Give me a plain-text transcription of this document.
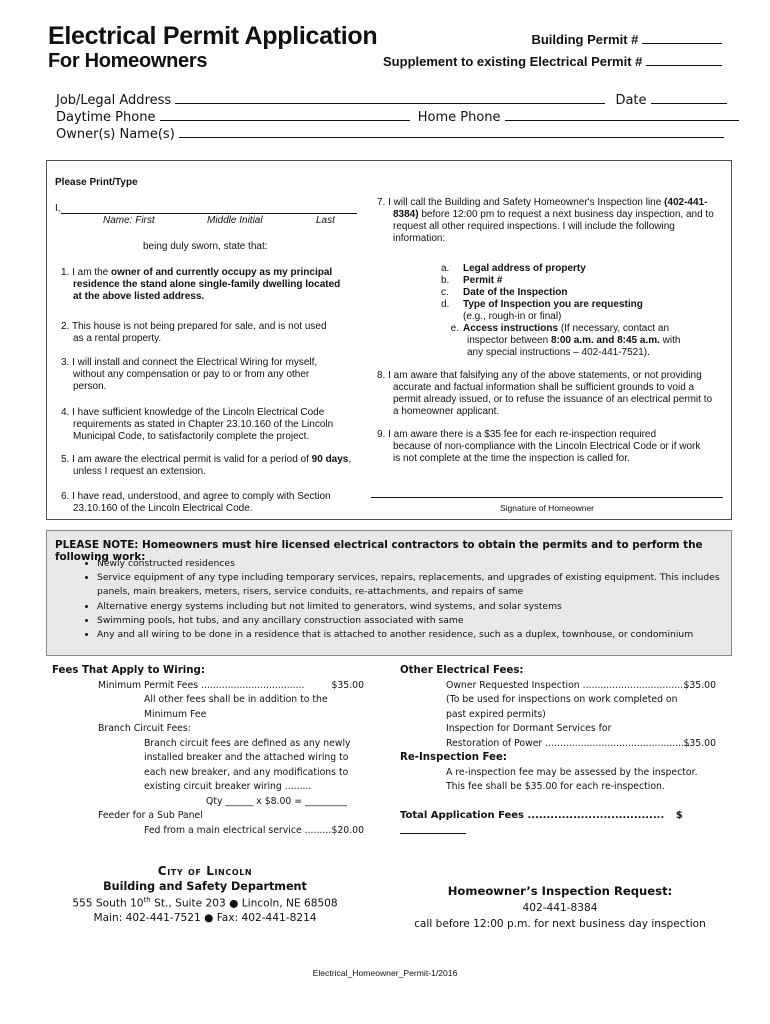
Electrical Permit Application
For Homeowners
Building Permit #
Supplement to existing Electrical Permit #
Job/Legal Address	Date
Daytime Phone	Home Phone
Owner(s) Name(s)
Please Print/Type
I,
Name: First	Middle Initial	Last
being duly sworn, state that:
1. I am the owner of and currently occupy as my principal
residence the stand alone single-family dwelling located
at the above listed address.
2. This house is not being prepared for sale, and is not used
as a rental property.
3. I will install and connect the Electrical Wiring for myself,
without any compensation or pay to or from any other
person.
4. I have sufficient knowledge of the Lincoln Electrical Code
requirements as stated in Chapter 23.10.160 of the Lincoln
Municipal Code, to satisfactorily complete the project.
5. I am aware the electrical permit is valid for a period of 90 days,
unless I request an extension.
6. I have read, understood, and agree to comply with Section
23.10.160 of the Lincoln Electrical Code.
7. I will call the Building and Safety Homeowner's Inspection line (402-441-
8384) before 12:00 pm to request a next business day inspection, and to
request all other required inspections. I will include the following
information:
a. Legal address of property
b. Permit #
c. Date of the Inspection
d. Type of Inspection you are requesting
(e.g., rough-in or final)
e. Access instructions (If necessary, contact an
inspector between 8:00 a.m. and 8:45 a.m. with
any special instructions – 402-441-7521).
8. I am aware that falsifying any of the above statements, or not providing
accurate and factual information shall be sufficient grounds to void a
permit already issued, or to refuse the issuance of an electrical permit to
a homeowner applicant.
9. I am aware there is a $35 fee for each re-inspection required
because of non-compliance with the Lincoln Electrical Code or if work
is not complete at the time the inspection is called for.
Signature of Homeowner
PLEASE NOTE: Homeowners must hire licensed electrical contractors to obtain the permits and to perform the following work:
• Newly constructed residences
• Service equipment of any type including temporary services, repairs, replacements, and upgrades of existing equipment. This includes panels, main breakers, meters, risers, service conduits, re-attachments, and repairs of same
• Alternative energy systems including but not limited to generators, wind systems, and solar systems
• Swimming pools, hot tubs, and any ancillary construction associated with same
• Any and all wiring to be done in a residence that is attached to another residence, such as a duplex, townhouse, or condominium
Fees That Apply to Wiring:
Minimum Permit Fees ...................................	$35.00
All other fees shall be in addition to the
Minimum Fee
Branch Circuit Fees:
Branch circuit fees are defined as any newly
installed breaker and the attached wiring to
each new breaker, and any modifications to
existing circuit breaker wiring .........
Qty ______ x $8.00 = _________
Feeder for a Sub Panel
Fed from a main electrical service ......... $20.00
Other Electrical Fees:
Owner Requested Inspection .....................................
$35.00
(To be used for inspections on work completed on
past expired permits)
Inspection for Dormant Services for
Restoration of Power ..................................................
$35.00
Re-Inspection Fee:
A re-inspection fee may be assessed by the inspector.
This fee shall be $35.00 for each re-inspection.
Total Application Fees .................................... $
City of Lincoln
Building and Safety Department
555 South 10th St., Suite 203 ● Lincoln, NE 68508
Main: 402-441-7521 ● Fax: 402-441-8214
Homeowner’s Inspection Request:
402-441-8384
call before 12:00 p.m. for next business day inspection
Electrical_Homeowner_Permit-1/2016
